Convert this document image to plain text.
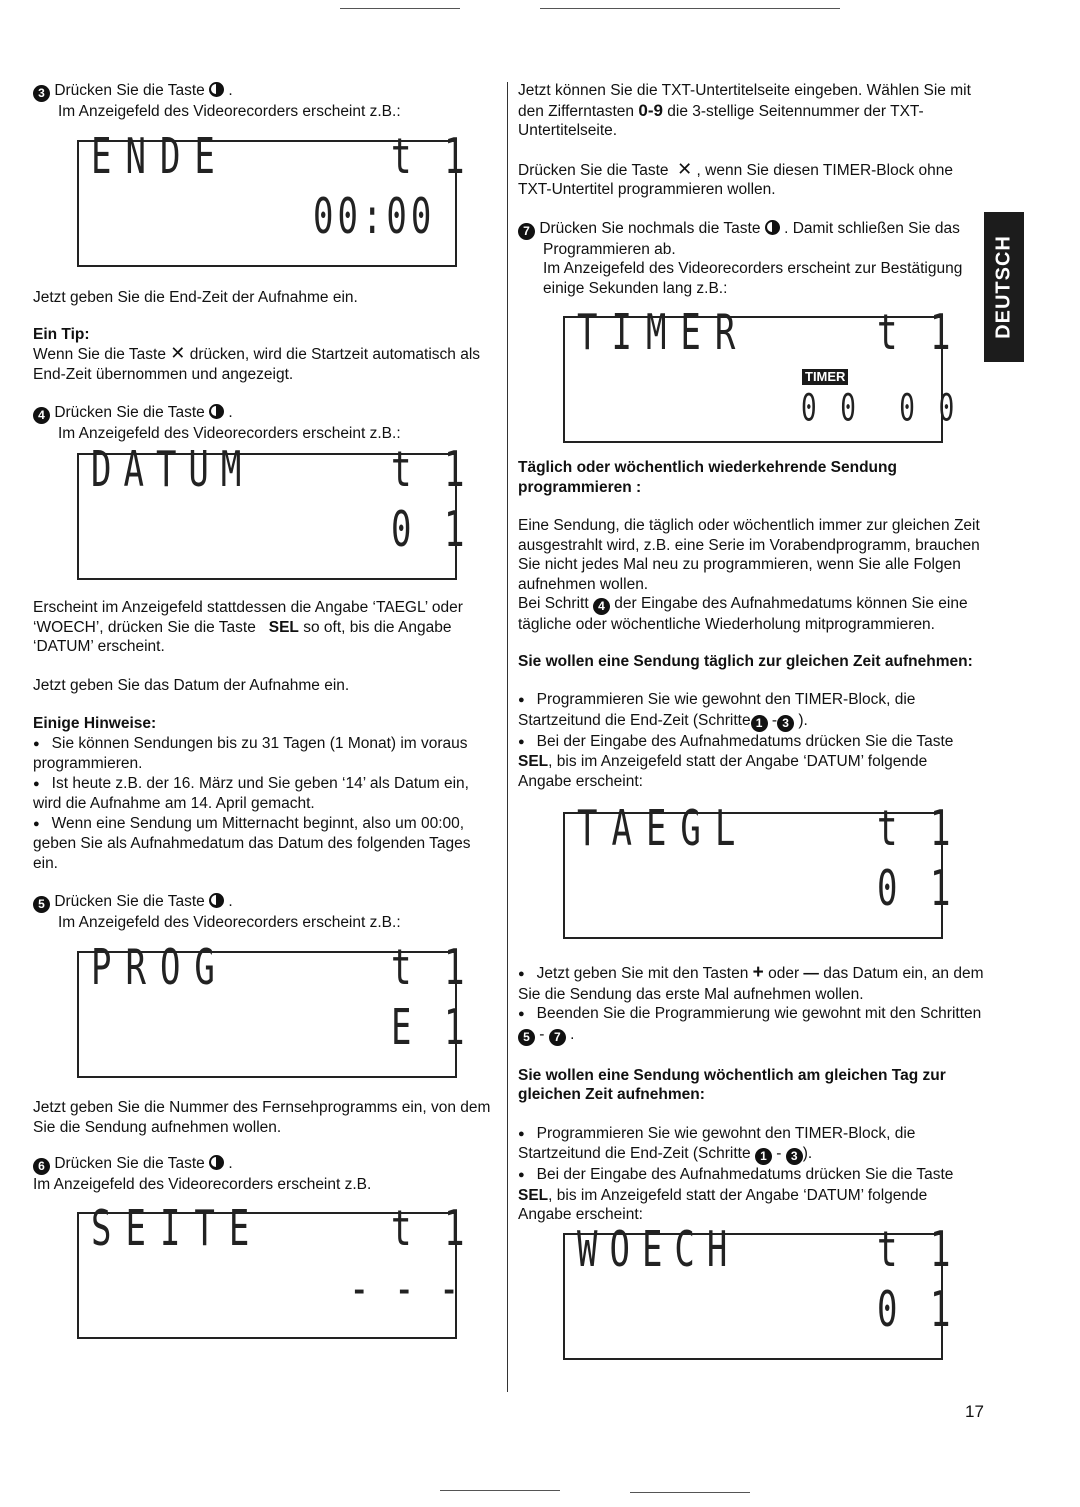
DEUTSCH

3 Drücken Sie die Taste  .

Im Anzeigefeld des Videorecorders erscheint z.B.:

ENDE	t 1
00:00

Jetzt geben Sie die End-Zeit der Aufnahme ein.

Ein Tip:

Wenn Sie die Taste ✕ drücken, wird die Startzeit automatisch als

End-Zeit übernommen und angezeigt.

4 Drücken Sie die Taste  .

Im Anzeigefeld des Videorecorders erscheint z.B.:

DATUM	t 1
0 1

Erscheint im Anzeigefeld stattdessen die Angabe ‘TAEGL’ oder

‘WOECH’, drücken Sie die Taste SEL so oft, bis die Angabe

‘DATUM’ erscheint.

Jetzt geben Sie das Datum der Aufnahme ein.

Einige Hinweise:

● Sie können Sendungen bis zu 31 Tagen (1 Monat) im voraus programmieren.

● Ist heute z.B. der 16. März und Sie geben ‘14’ als Datum ein, wird die Aufnahme am 14. April gemacht.

● Wenn eine Sendung um Mitternacht beginnt, also um 00:00, geben Sie als Aufnahmedatum das Datum des folgenden Tages ein.

5 Drücken Sie die Taste  .

Im Anzeigefeld des Videorecorders erscheint z.B.:

PROG	t 1
E 1

Jetzt geben Sie die Nummer des Fernsehprogramms ein, von dem Sie die Sendung aufnehmen wollen.

6 Drücken Sie die Taste  .

Im Anzeigefeld des Videorecorders erscheint z.B.

SEITE	t 1
- - -

Jetzt können Sie die TXT-Untertitelseite eingeben. Wählen Sie mit den Zifferntasten 0-9 die 3-stellige Seitennummer der TXT-Untertitelseite.

Drücken Sie die Taste ✕ , wenn Sie diesen TIMER-Block ohne TXT-Untertitel programmieren wollen.

7 Drücken Sie nochmals die Taste . Damit schließen Sie das

Programmieren ab.

Im Anzeigefeld des Videorecorders erscheint zur Bestätigung

einige Sekunden lang z.B.:

TIMER	t 1
TIMER
0 0  0 0

Täglich oder wöchentlich wiederkehrende Sendung programmieren :

Eine Sendung, die täglich oder wöchentlich immer zur gleichen Zeit ausgestrahlt wird, z.B. eine Serie im Vorabendprogramm, brauchen Sie nicht jedes Mal neu zu programmieren, wenn Sie alle Folgen aufnehmen wollen.

Bei Schritt 4 der Eingabe des Aufnahmedatums können Sie eine tägliche oder wöchentliche Wiederholung mitprogrammieren.

Sie wollen eine Sendung täglich zur gleichen Zeit aufnehmen:

● Programmieren Sie wie gewohnt den TIMER-Block, die Startzeitund die End-Zeit (Schritte 1 - 3 ).

● Bei der Eingabe des Aufnahmedatums drücken Sie die Taste SEL, bis im Anzeigefeld statt der Angabe ‘DATUM’ folgende Angabe erscheint:

TAEGL	t 1
0 1

● Jetzt geben Sie mit den Tasten + oder — das Datum ein, an dem Sie die Sendung das erste Mal aufnehmen wollen.

● Beenden Sie die Programmierung wie gewohnt mit den Schritten5 - 7 .

Sie wollen eine Sendung wöchentlich am gleichen Tag zur gleichen Zeit aufnehmen:

● Programmieren Sie wie gewohnt den TIMER-Block, die Startzeitund die End-Zeit (Schritte 1 - 3 ).

● Bei der Eingabe des Aufnahmedatums drücken Sie die Taste SEL, bis im Anzeigefeld statt der Angabe ‘DATUM’ folgende Angabe erscheint:

WOECH	t 1
0 1
17
